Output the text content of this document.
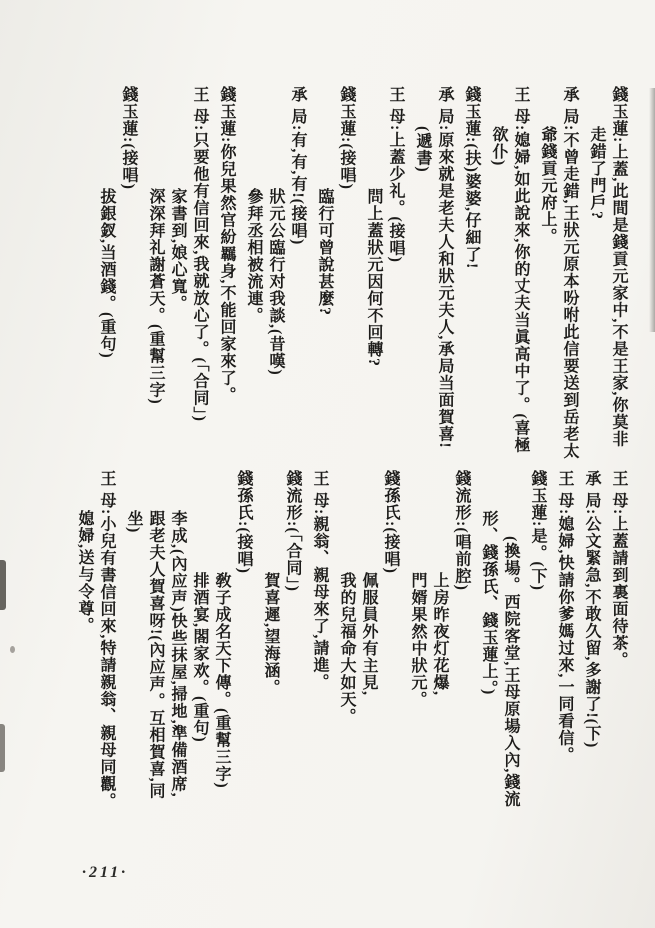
錢玉蓮:上蓋,此間是錢貢元家中,不是王家,你莫非走錯了門戶?

承 局:不曾走錯,王狀元原本吩咐此信要送到岳老太爺錢貢元府上。

王 母:媳婦,如此說來,你的丈夫当眞高中了。(喜極欲仆)

錢玉蓮:(扶)婆婆,仔細了!

承 局:原來就是老夫人和狀元夫人,承局当面賀喜!(遞書)

王 母:上蓋少礼。(接唱)

問上蓋狀元因何不回轉?

錢玉蓮:(接唱)

臨行可曾說甚麼?

承 局:有,有,有!(接唱)

狀元公臨行对我談,(昔嘆)

參拜丞相被流連。

錢玉蓮:你兒果然官紛羈身,不能回家來了。

王 母:只要他有信回來,我就放心了。(「合同」)

家書到,娘心寬。

深深拜礼謝蒼天。(重幫三字)

錢玉蓮:(接唱)

拔銀釵,当酒錢。(重句)

王 母:上蓋請到裏面待茶。

承 局:公文緊急,不敢久留,多謝了!(下)

王 母:媳婦,快請你爹媽过來,一同看信。

錢玉蓮:是。(下)

(換場。西院客堂,王母原場入內,錢流形、錢孫氏、錢玉蓮上。)

錢流形:(唱前腔)

上房昨夜灯花爆,

門婿果然中狀元。

錢孫氏:(接唱)

佩服員外有主見,

我的兒福命大如天。

王 母:親翁、親母來了,請進。

錢流形:(「合同」)

賀喜遲,望海涵。

錢孫氏:(接唱)

敎子成名天下傳。(重幫三字)

排酒宴,閤家欢。(重句)

李成,(內应声)快些抹屋,掃地,準備酒席,跟老夫人賀喜呀!(內应声。互相賀喜,同坐)

王 母:小兒有書信回來,特請親翁、親母同觀。媳婦,送与令尊。

·211·
